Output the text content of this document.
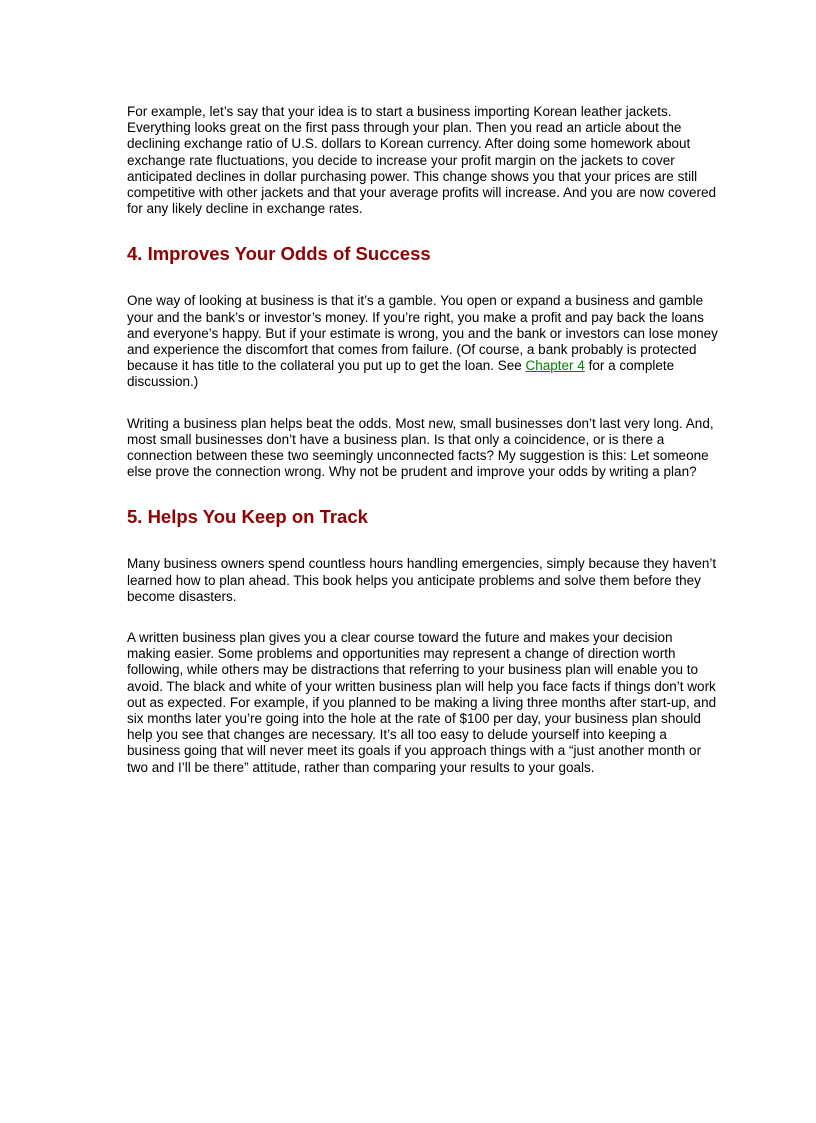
For example, let’s say that your idea is to start a business importing Korean leather jackets. Everything looks great on the first pass through your plan. Then you read an article about the declining exchange ratio of U.S. dollars to Korean currency. After doing some homework about exchange rate fluctuations, you decide to increase your profit margin on the jackets to cover anticipated declines in dollar purchasing power. This change shows you that your prices are still competitive with other jackets and that your average profits will increase. And you are now covered for any likely decline in exchange rates.

4. Improves Your Odds of Success

One way of looking at business is that it’s a gamble. You open or expand a business and gamble your and the bank’s or investor’s money. If you’re right, you make a profit and pay back the loans and everyone’s happy. But if your estimate is wrong, you and the bank or investors can lose money and experience the discomfort that comes from failure. (Of course, a bank probably is protected because it has title to the collateral you put up to get the loan. See Chapter 4 for a complete discussion.)

Writing a business plan helps beat the odds. Most new, small businesses don’t last very long. And, most small businesses don’t have a business plan. Is that only a coincidence, or is there a connection between these two seemingly unconnected facts? My suggestion is this: Let someone else prove the connection wrong. Why not be prudent and improve your odds by writing a plan?

5. Helps You Keep on Track

Many business owners spend countless hours handling emergencies, simply because they haven’t learned how to plan ahead. This book helps you anticipate problems and solve them before they become disasters.

A written business plan gives you a clear course toward the future and makes your decision making easier. Some problems and opportunities may represent a change of direction worth following, while others may be distractions that referring to your business plan will enable you to avoid. The black and white of your written business plan will help you face facts if things don’t work out as expected. For example, if you planned to be making a living three months after start-up, and six months later you’re going into the hole at the rate of $100 per day, your business plan should help you see that changes are necessary. It’s all too easy to delude yourself into keeping a business going that will never meet its goals if you approach things with a “just another month or two and I’ll be there” attitude, rather than comparing your results to your goals.
